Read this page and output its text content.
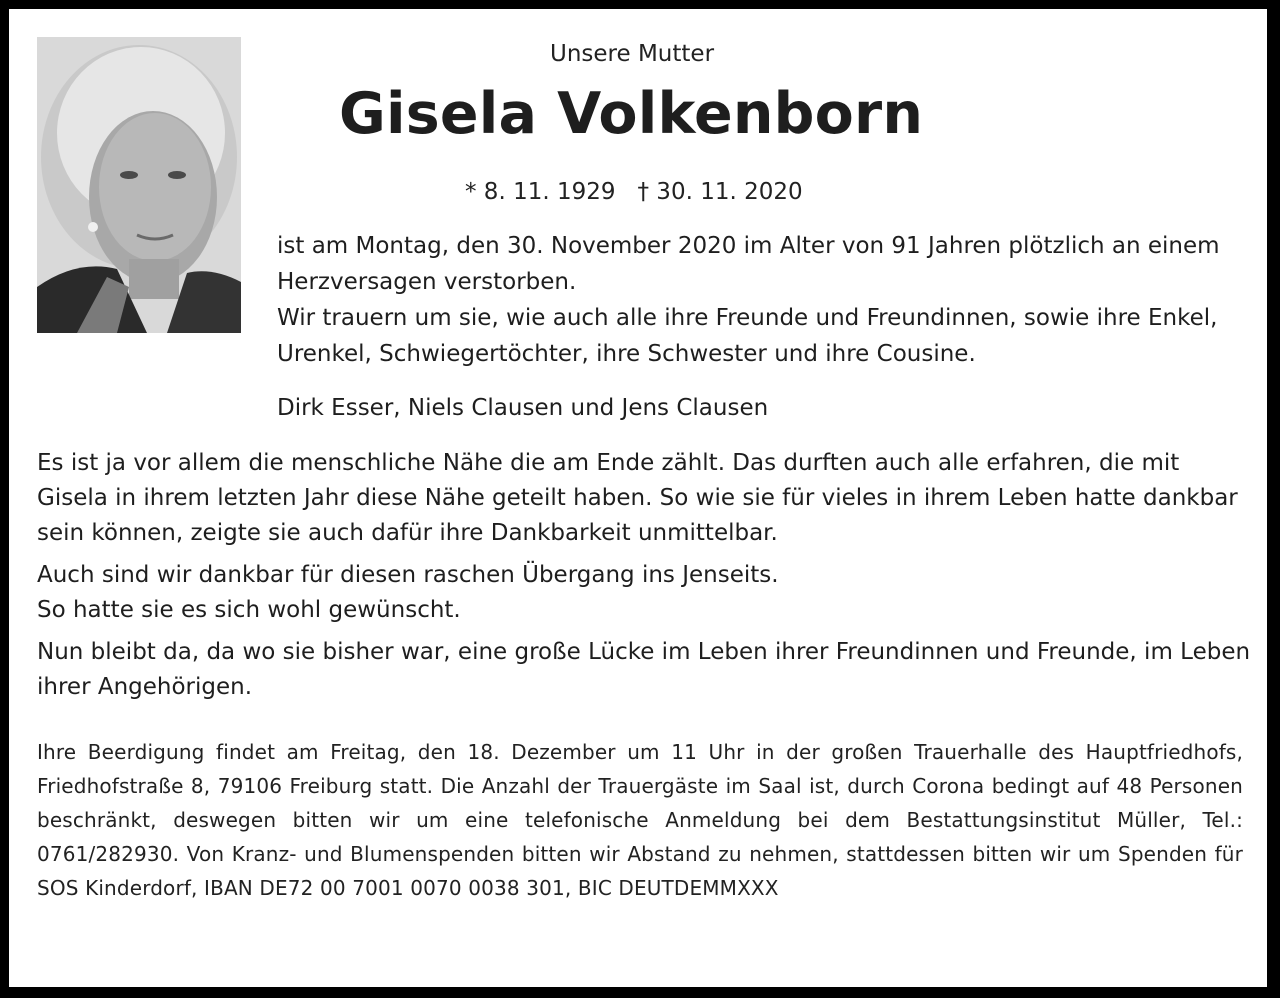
Unsere Mutter
Gisela Volkenborn
* 8. 11. 1929 † 30. 11. 2020

ist am Montag, den 30. November 2020 im Alter von 91 Jahren plötzlich an einem Herzversagen verstorben.

Wir trauern um sie, wie auch alle ihre Freunde und Freundinnen, sowie ihre Enkel, Urenkel, Schwiegertöchter, ihre Schwester und ihre Cousine.

Dirk Esser, Niels Clausen und Jens Clausen

Es ist ja vor allem die menschliche Nähe die am Ende zählt. Das durften auch alle erfahren, die mit Gisela in ihrem letzten Jahr diese Nähe geteilt haben. So wie sie für vieles in ihrem Leben hatte dankbar sein können, zeigte sie auch dafür ihre Dankbarkeit unmittelbar.

Auch sind wir dankbar für diesen raschen Übergang ins Jenseits.
So hatte sie es sich wohl gewünscht.

Nun bleibt da, da wo sie bisher war, eine große Lücke im Leben ihrer Freundinnen und Freunde, im Leben ihrer Angehörigen.

Ihre Beerdigung findet am Freitag, den 18. Dezember um 11 Uhr in der großen Trauerhalle des Hauptfriedhofs, Friedhofstraße 8, 79106 Freiburg statt. Die Anzahl der Trauergäste im Saal ist, durch Corona bedingt auf 48 Personen beschränkt, deswegen bitten wir um eine telefonische Anmeldung bei dem Bestattungsinstitut Müller, Tel.: 0761/282930. Von Kranz- und Blumenspenden bitten wir Abstand zu nehmen, stattdessen bitten wir um Spenden für SOS Kinderdorf, IBAN DE72 00 7001 0070 0038 301, BIC DEUTDEMMXXX
